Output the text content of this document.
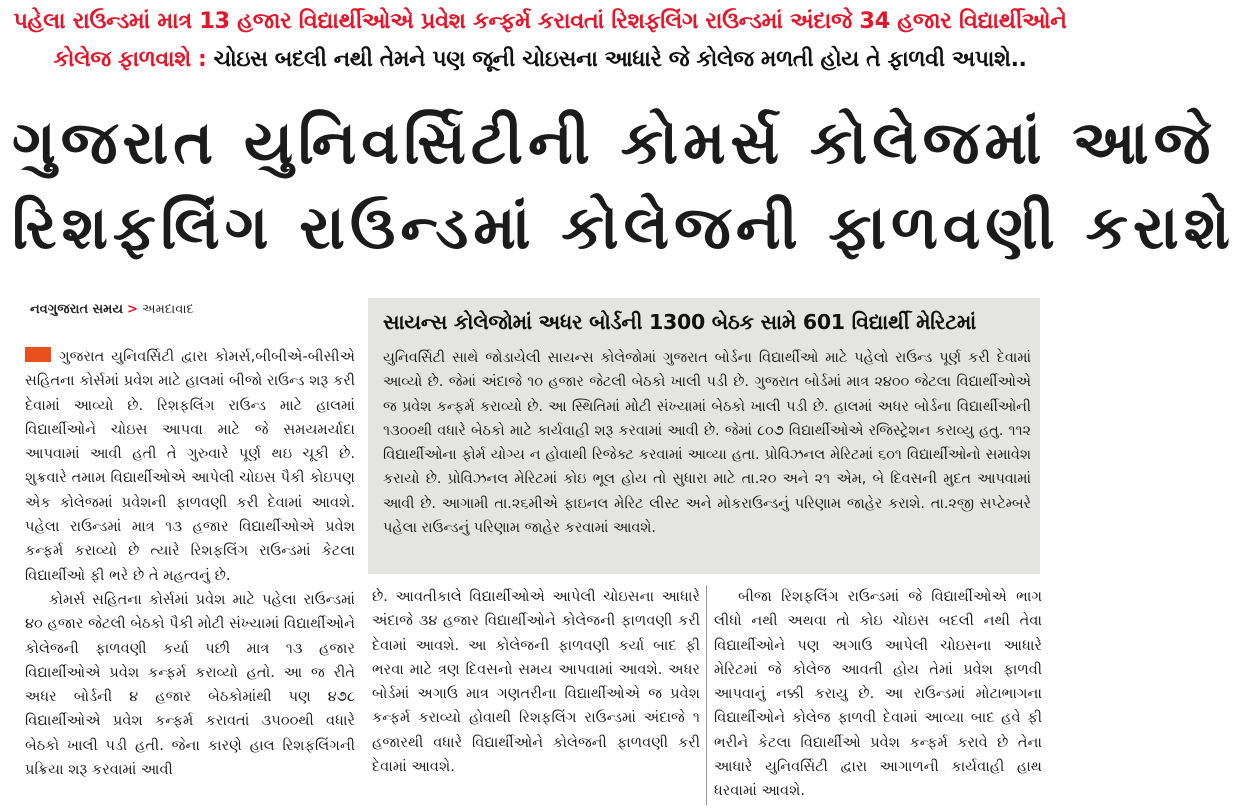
પહેલા રાઉન્ડમાં માત્ર 13 હજાર વિદ્યાર્થીઓએ પ્રવેશ કન્ફર્મ કરાવતાં રિશફલિંગ રાઉન્ડમાં અંદાજે 34 હજાર વિદ્યાર્થીઓને
કોલેજ ફાળવાશે : ચોઇસ બદલી નથી તેમને પણ જૂની ચોઇસના આધારે જે કોલેજ મળતી હોય તે ફાળવી અપાશે..
ગુજરાત યુનિવર્સિટીની કોમર્સ કોલેજમાં આજે
રિશફલિંગ રાઉન્ડમાં કોલેજની ફાળવણી કરાશે
નવગુજરાત સમય > અમદાવાદ

ગુજરાત યુનિવર્સિટી દ્વારા કોમર્સ,બીબીએ-બીસીએ સહિતના કોર્સમાં પ્રવેશ માટે હાલમાં બીજો રાઉન્ડ શરૂ કરી દેવામાં આવ્યો છે. રિશફલિંગ રાઉન્ડ માટે હાલમાં વિદ્યાર્થીઓને ચોઇસ આપવા માટે જે સમયમર્યાદા આપવામાં આવી હતી તે ગુરુવારે પૂર્ણ થઇ ચૂકી છે. શુક્રવારે તમામ વિદ્યાર્થીઓએ આપેલી ચોઇસ પૈકી કોઇપણ એક કોલેજમાં પ્રવેશની ફાળવણી કરી દેવામાં આવશે. પહેલા રાઉન્ડમાં માત્ર ૧૩ હજાર વિદ્યાર્થીઓએ પ્રવેશ કન્ફર્મ કરાવ્યો છે ત્યારે રિશફલિંગ રાઉન્ડમાં કેટલા વિદ્યાર્થીઓ ફી ભરે છે તે મહત્વનું છે.

કોમર્સ સહિતના કોર્સમાં પ્રવેશ માટે પહેલા રાઉન્ડમાં ૪૦ હજાર જેટલી બેઠકો પૈકી મોટી સંખ્યામાં વિદ્યાર્થીઓને કોલેજની ફાળવણી કર્યા પછી માત્ર ૧૩ હજાર વિદ્યાર્થીઓએ પ્રવેશ કન્ફર્મ કરાવ્યો હતો. આ જ રીતે અધર બોર્ડની ૪ હજાર બેઠકોમાંથી પણ ૪૭૮ વિદ્યાર્થીઓએ પ્રવેશ કન્ફર્મ કરાવતાં ૩૫૦૦થી વધારે બેઠકો ખાલી પડી હતી. જેના કારણે હાલ રિશફલિંગની પ્રક્રિયા શરૂ કરવામાં આવી

સાયન્સ કોલેજોમાં અધર બોર્ડની 1300 બેઠક સામે 601 વિદ્યાર્થી મેરિટમાં
યુનિવર્સિટી સાથે જોડાયેલી સાયન્સ કોલેજોમાં ગુજરાત બોર્ડના વિદ્યાર્થીઓ માટે પહેલો રાઉન્ડ પૂર્ણ કરી દેવામાં આવ્યો છે. જેમાં અંદાજે ૧૦ હજાર જેટલી બેઠકો ખાલી પડી છે. ગુજરાત બોર્ડમાં માત્ર ૨૪૦૦ જેટલા વિદ્યાર્થીઓએ જ પ્રવેશ કન્ફર્મ કરાવ્યો છે. આ સ્થિતિમાં મોટી સંખ્યામાં બેઠકો ખાલી પડી છે. હાલમાં અધર બોર્ડના વિદ્યાર્થીઓની ૧૩૦૦થી વધારે બેઠકો માટે કાર્યવાહી શરૂ કરવામાં આવી છે. જેમાં ૮૦૭ વિદ્યાર્થીઓએ રજિસ્ટ્રેશન કરાવ્યુ હતુ. ૧૧૨ વિદ્યાર્થીઓના ફોર્મ યોગ્ય ન હોવાથી રિજેક્ટ કરવામાં આવ્યા હતા. પ્રોવિઝનલ મેરિટમાં ૬૦૧ વિદ્યાર્થીઓનો સમાવેશ કરાયો છે. પ્રોવિઝનલ મેરિટમાં કોઇ ભૂલ હોય તો સુધારા માટે તા.૨૦ અને ૨૧ એમ, બે દિવસની મુદત આપવામાં આવી છે. આગામી તા.૨૬મીએ ફાઇનલ મેરિટ લીસ્ટ અને મોકરાઉન્ડનું પરિણામ જાહેર કરાશે. તા.૨જી સપ્ટેમ્બરે પહેલા રાઉન્ડનું પરિણામ જાહેર કરવામાં આવશે.

છે. આવતીકાલે વિદ્યાર્થીઓએ આપેલી ચોઇસના આધારે અંદાજે ૩૪ હજાર વિદ્યાર્થીઓને કોલેજની ફાળવણી કરી દેવામાં આવશે. આ કોલેજની ફાળવણી કર્યા બાદ ફી ભરવા માટે ત્રણ દિવસનો સમય આપવામાં આવશે. અધર બોર્ડમાં અગાઉ માત્ર ગણતરીના વિદ્યાર્થીઓએ જ પ્રવેશ કન્ફર્મ કરાવ્યો હોવાથી રિશફલિંગ રાઉન્ડમાં અંદાજે ૧ હજારથી વધારે વિદ્યાર્થીઓને કોલેજની ફાળવણી કરી દેવામાં આવશે.

બીજા રિશફલિંગ રાઉન્ડમાં જે વિદ્યાર્થીઓએ ભાગ લીધો નથી અથવા તો કોઇ ચોઇસ બદલી નથી તેવા વિદ્યાર્થીઓને પણ અગાઉ આપેલી ચોઇસના આધારે મેરિટમાં જે કોલેજ આવતી હોય તેમાં પ્રવેશ ફાળવી આપવાનું નક્કી કરાયુ છે. આ રાઉન્ડમાં મોટાભાગના વિદ્યાર્થીઓને કોલેજ ફાળવી દેવામાં આવ્યા બાદ હવે ફી ભરીને કેટલા વિદ્યાર્થીઓ પ્રવેશ કન્ફર્મ કરાવે છે તેના આધારે યુનિવર્સિટી દ્વારા આગાળની કાર્યવાહી હાથ ધરવામાં આવશે.
